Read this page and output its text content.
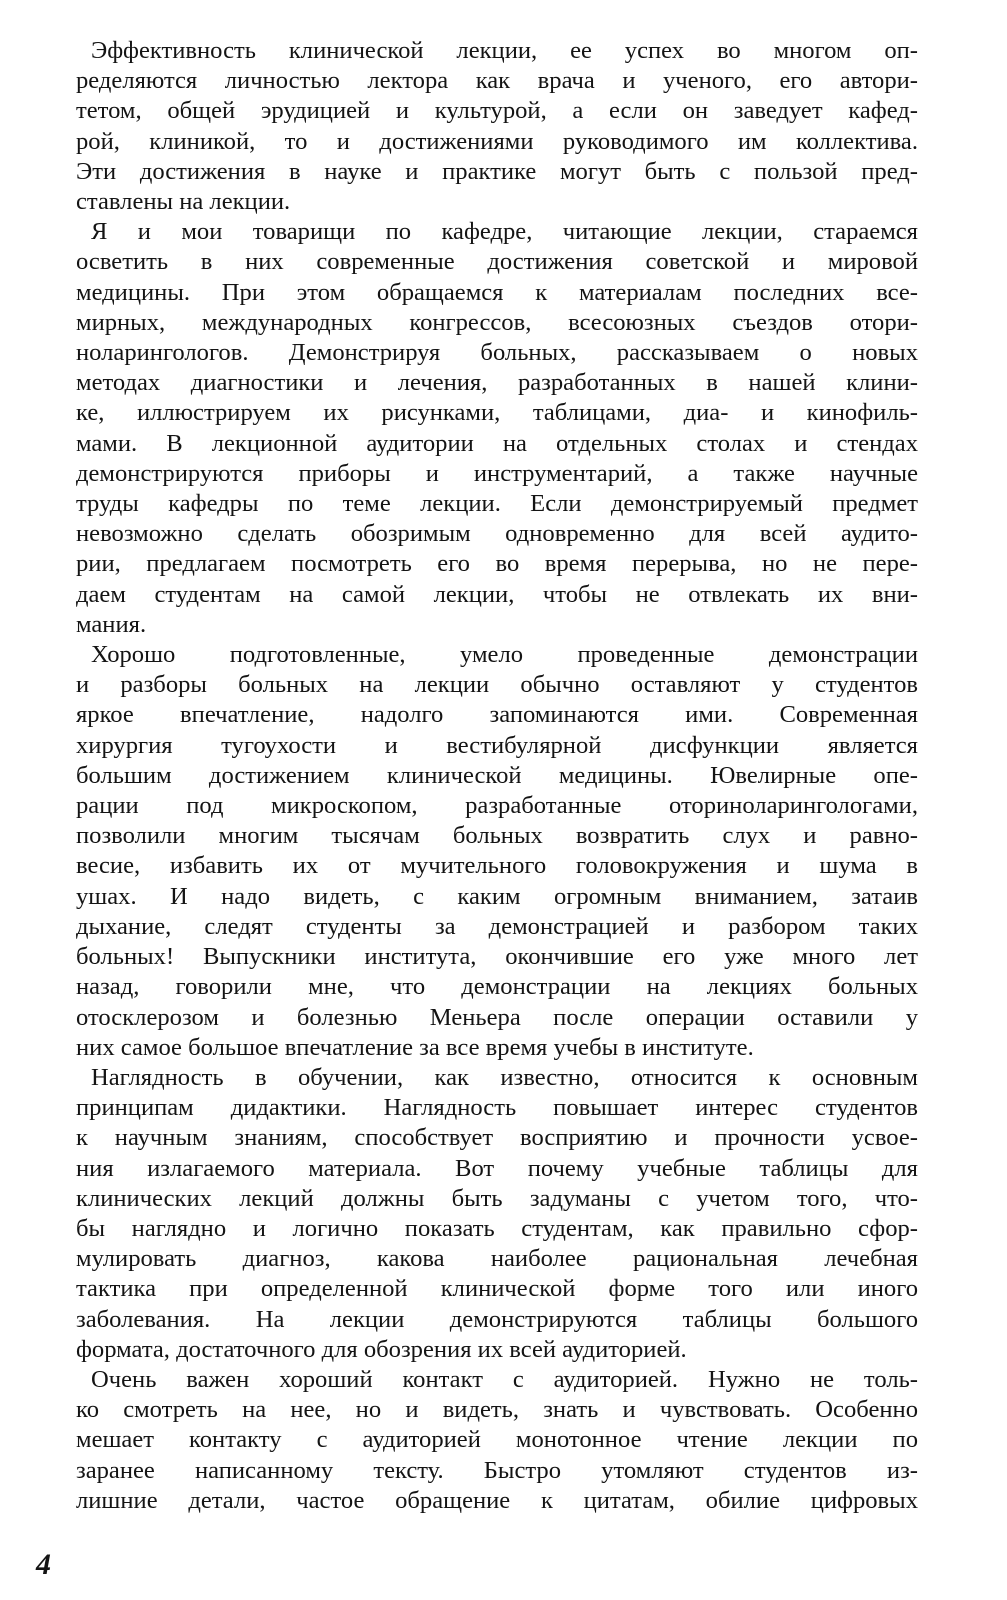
Эффективность клинической лекции, ее успех во многом оп-
ределяются личностью лектора как врача и ученого, его автори-
тетом, общей эрудицией и культурой, а если он заведует кафед-
рой, клиникой, то и достижениями руководимого им коллектива.
Эти достижения в науке и практике могут быть с пользой пред-
ставлены на лекции.
Я и мои товарищи по кафедре, читающие лекции, стараемся
осветить в них современные достижения советской и мировой
медицины. При этом обращаемся к материалам последних все-
мирных, международных конгрессов, всесоюзных съездов отори-
ноларингологов. Демонстрируя больных, рассказываем о новых
методах диагностики и лечения, разработанных в нашей клини-
ке, иллюстрируем их рисунками, таблицами, диа- и кинофиль-
мами. В лекционной аудитории на отдельных столах и стендах
демонстрируются приборы и инструментарий, а также научные
труды кафедры по теме лекции. Если демонстрируемый предмет
невозможно сделать обозримым одновременно для всей аудито-
рии, предлагаем посмотреть его во время перерыва, но не пере-
даем студентам на самой лекции, чтобы не отвлекать их вни-
мания.
Хорошо подготовленные, умело проведенные демонстрации
и разборы больных на лекции обычно оставляют у студентов
яркое впечатление, надолго запоминаются ими. Современная
хирургия тугоухости и вестибулярной дисфункции является
большим достижением клинической медицины. Ювелирные опе-
рации под микроскопом, разработанные оториноларингологами,
позволили многим тысячам больных возвратить слух и равно-
весие, избавить их от мучительного головокружения и шума в
ушах. И надо видеть, с каким огромным вниманием, затаив
дыхание, следят студенты за демонстрацией и разбором таких
больных! Выпускники института, окончившие его уже много лет
назад, говорили мне, что демонстрации на лекциях больных
отосклерозом и болезнью Меньера после операции оставили у
них самое большое впечатление за все время учебы в институте.
Наглядность в обучении, как известно, относится к основным
принципам дидактики. Наглядность повышает интерес студентов
к научным знаниям, способствует восприятию и прочности усвое-
ния излагаемого материала. Вот почему учебные таблицы для
клинических лекций должны быть задуманы с учетом того, что-
бы наглядно и логично показать студентам, как правильно сфор-
мулировать диагноз, какова наиболее рациональная лечебная
тактика при определенной клинической форме того или иного
заболевания. На лекции демонстрируются таблицы большого
формата, достаточного для обозрения их всей аудиторией.
Очень важен хороший контакт с аудиторией. Нужно не толь-
ко смотреть на нее, но и видеть, знать и чувствовать. Особенно
мешает контакту с аудиторией монотонное чтение лекции по
заранее написанному тексту. Быстро утомляют студентов из-
лишние детали, частое обращение к цитатам, обилие цифровых
4
